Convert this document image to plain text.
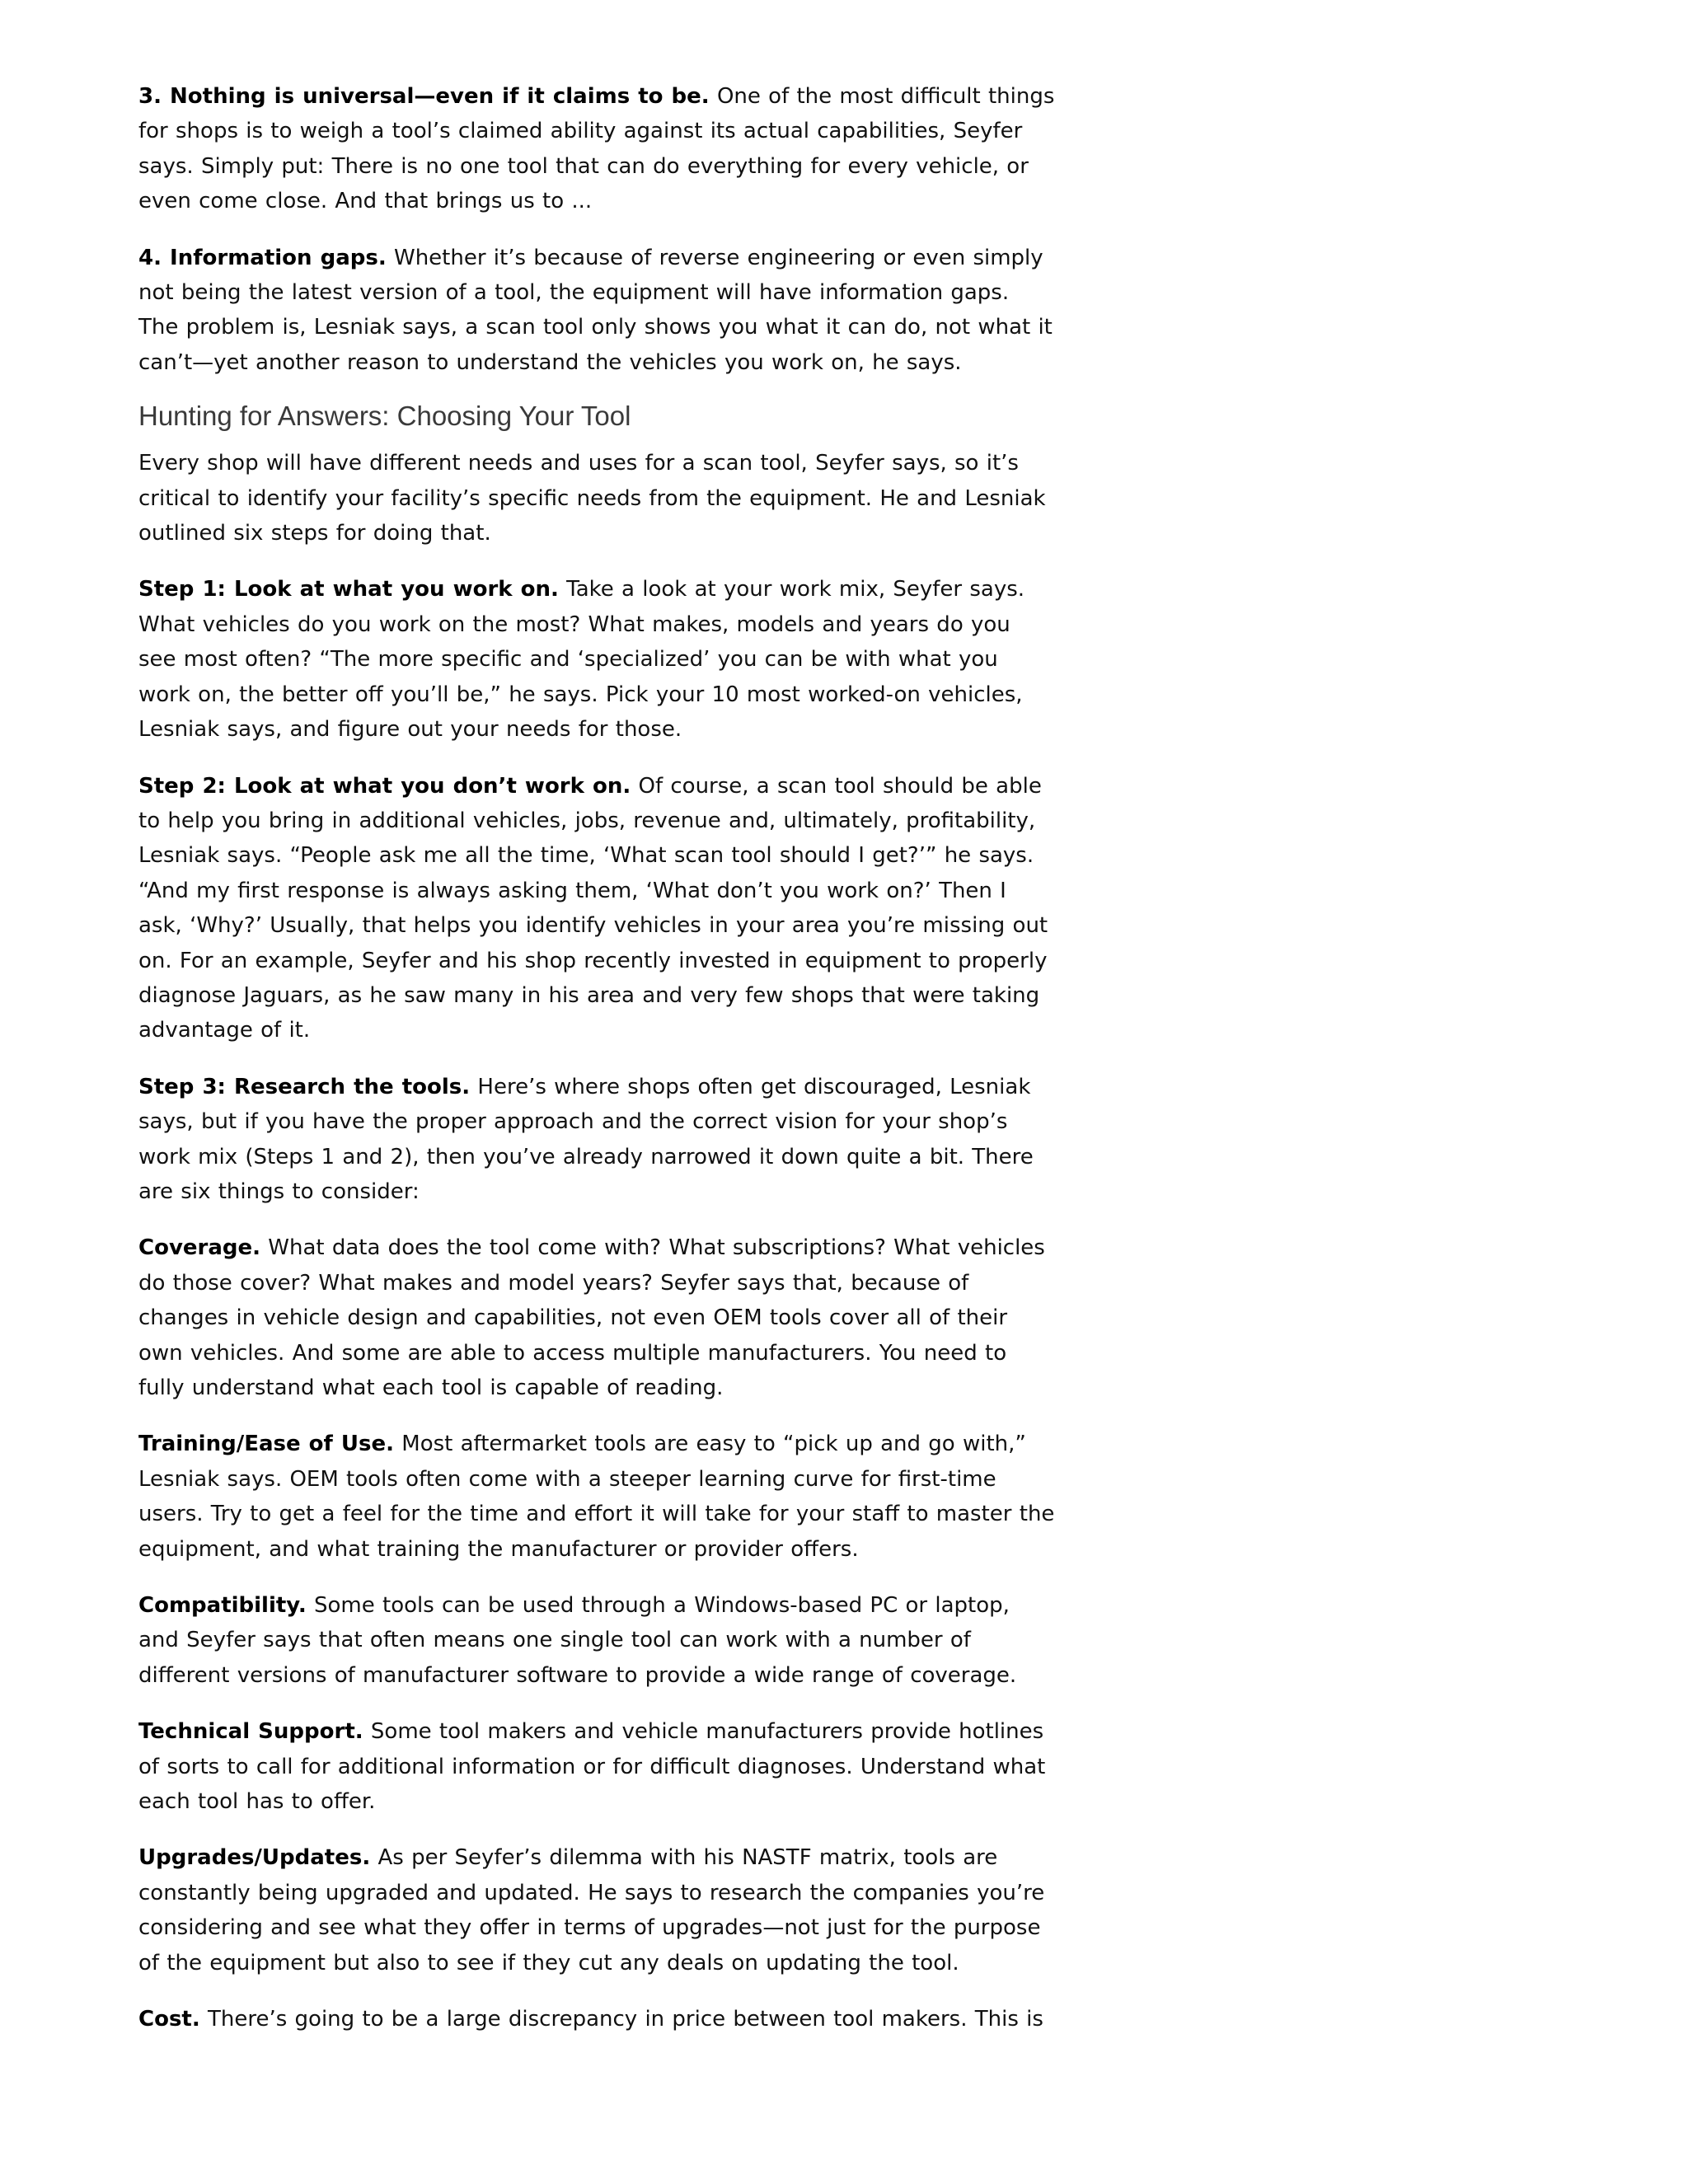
3. Nothing is universal—even if it claims to be. One of the most difficult things for shops is to weigh a tool’s claimed ability against its actual capabilities, Seyfer says. Simply put: There is no one tool that can do everything for every vehicle, or even come close. And that brings us to ...

4. Information gaps. Whether it’s because of reverse engineering or even simply not being the latest version of a tool, the equipment will have information gaps. The problem is, Lesniak says, a scan tool only shows you what it can do, not what it can’t—yet another reason to understand the vehicles you work on, he says.

Hunting for Answers: Choosing Your Tool

Every shop will have different needs and uses for a scan tool, Seyfer says, so it’s critical to identify your facility’s specific needs from the equipment. He and Lesniak outlined six steps for doing that.

Step 1: Look at what you work on. Take a look at your work mix, Seyfer says. What vehicles do you work on the most? What makes, models and years do you see most often? “The more specific and ‘specialized’ you can be with what you work on, the better off you’ll be,” he says. Pick your 10 most worked-on vehicles, Lesniak says, and figure out your needs for those.

Step 2: Look at what you don’t work on. Of course, a scan tool should be able to help you bring in additional vehicles, jobs, revenue and, ultimately, profitability, Lesniak says. “People ask me all the time, ‘What scan tool should I get?’” he says. “And my first response is always asking them, ‘What don’t you work on?’ Then I ask, ‘Why?’ Usually, that helps you identify vehicles in your area you’re missing out on. For an example, Seyfer and his shop recently invested in equipment to properly diagnose Jaguars, as he saw many in his area and very few shops that were taking advantage of it.

Step 3: Research the tools. Here’s where shops often get discouraged, Lesniak says, but if you have the proper approach and the correct vision for your shop’s work mix (Steps 1 and 2), then you’ve already narrowed it down quite a bit. There are six things to consider:

Coverage. What data does the tool come with? What subscriptions? What vehicles do those cover? What makes and model years? Seyfer says that, because of changes in vehicle design and capabilities, not even OEM tools cover all of their own vehicles. And some are able to access multiple manufacturers. You need to fully understand what each tool is capable of reading.

Training/Ease of Use. Most aftermarket tools are easy to “pick up and go with,” Lesniak says. OEM tools often come with a steeper learning curve for first-time users. Try to get a feel for the time and effort it will take for your staff to master the equipment, and what training the manufacturer or provider offers.

Compatibility. Some tools can be used through a Windows-based PC or laptop, and Seyfer says that often means one single tool can work with a number of different versions of manufacturer software to provide a wide range of coverage.

Technical Support. Some tool makers and vehicle manufacturers provide hotlines of sorts to call for additional information or for difficult diagnoses. Understand what each tool has to offer.

Upgrades/Updates. As per Seyfer’s dilemma with his NASTF matrix, tools are constantly being upgraded and updated. He says to research the companies you’re considering and see what they offer in terms of upgrades—not just for the purpose of the equipment but also to see if they cut any deals on updating the tool.

Cost. There’s going to be a large discrepancy in price between tool makers. This is
